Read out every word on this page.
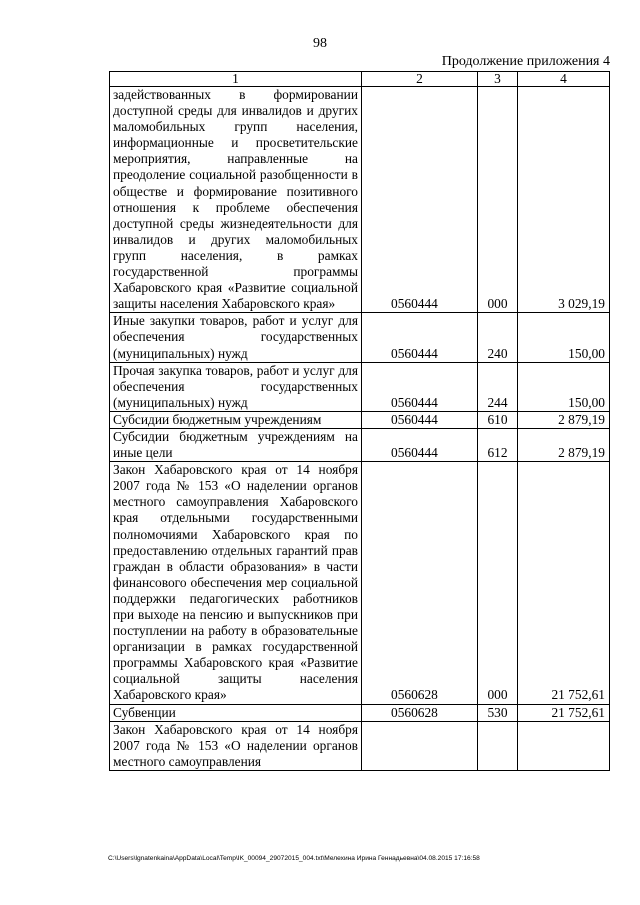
98
Продолжение приложения 4
1	2	3	4
задействованных в формировании доступной среды для инвалидов и других маломобильных групп населения, информационные и просветительские мероприятия, направленные на преодоление социальной разобщенности в обществе и формирование позитивного отношения к проблеме обеспечения доступной среды жизнедеятельности для инвалидов и других маломобильных групп населения, в рамках государственной программы Хабаровского края «Развитие социальной защиты населения Хабаровского края»	0560444	000	3 029,19
Иные закупки товаров, работ и услуг для обеспечения государственных (муниципальных) нужд	0560444	240	150,00
Прочая закупка товаров, работ и услуг для обеспечения государственных (муниципальных) нужд	0560444	244	150,00
Субсидии бюджетным учреждениям	0560444	610	2 879,19
Субсидии бюджетным учреждениям на иные цели	0560444	612	2 879,19
Закон Хабаровского края от 14 ноября 2007 года № 153 «О наделении органов местного самоуправления Хабаровского края отдельными государственными полномочиями Хабаровского края по предоставлению отдельных гарантий прав граждан в области образования» в части финансового обеспечения мер социальной поддержки педагогических работников при выходе на пенсию и выпускников при поступлении на работу в образовательные организации в рамках государственной программы Хабаровского края «Развитие социальной защиты населения Хабаровского края»	0560628	000	21 752,61
Субвенции	0560628	530	21 752,61
Закон Хабаровского края от 14 ноября 2007 года № 153 «О наделении органов местного самоуправления			
C:\Users\lgnatenkaina\AppData\Local\Temp\IK_00094_29072015_004.txt\Мелехина Ирина Геннадьевна\04.08.2015 17:16:58
